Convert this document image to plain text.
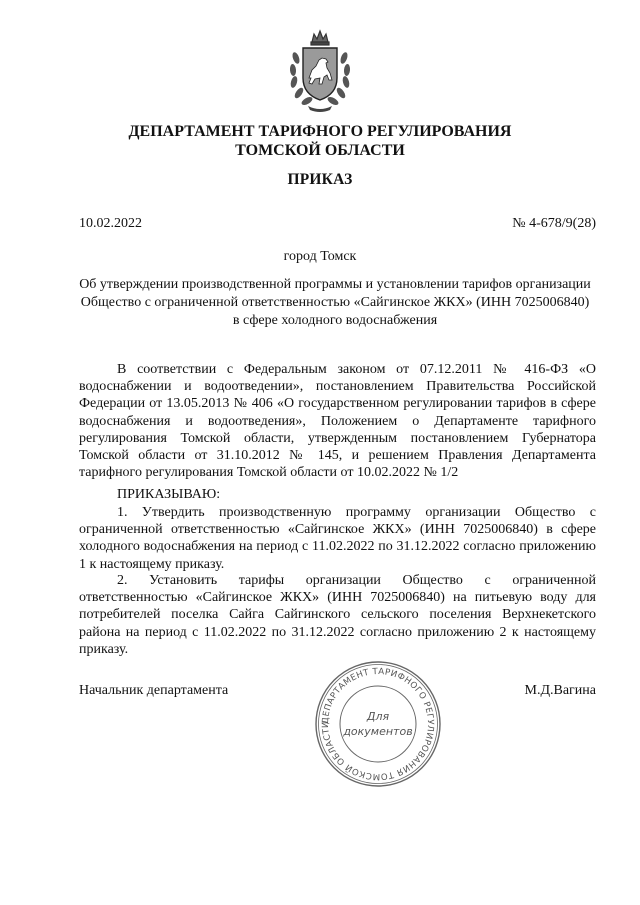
ДЕПАРТАМЕНТ ТАРИФНОГО РЕГУЛИРОВАНИЯ
ТОМСКОЙ ОБЛАСТИ
ПРИКАЗ
10.02.2022	№ 4-678/9(28)
город Томск
Об утверждении производственной программы и установлении тарифов организации
Общество с ограниченной ответственностью «Сайгинское ЖКХ» (ИНН 7025006840)
в сфере холодного водоснабжения

В соответствии с Федеральным законом от 07.12.2011 № 416-ФЗ «О водоснабжении и водоотведении», постановлением Правительства Российской Федерации от 13.05.2013 № 406 «О государственном регулировании тарифов в сфере водоснабжения и водоотведения», Положением о Департаменте тарифного регулирования Томской области, утвержденным постановлением Губернатора Томской области от 31.10.2012 № 145, и решением Правления Департамента тарифного регулирования Томской области от 10.02.2022 № 1/2

ПРИКАЗЫВАЮ:

1. Утвердить производственную программу организации Общество с ограниченной ответственностью «Сайгинское ЖКХ» (ИНН 7025006840) в сфере холодного водоснабжения на период с 11.02.2022 по 31.12.2022 согласно приложению 1 к настоящему приказу.

2. Установить тарифы организации Общество с ограниченной ответственностью «Сайгинское ЖКХ» (ИНН 7025006840) на питьевую воду для потребителей поселка Сайга Сайгинского сельского поселения Верхнекетского района на период с 11.02.2022 по 31.12.2022 согласно приложению 2 к настоящему приказу.

Начальник департамента	М.Д.Вагина
ДЕПАРТАМЕНТ ТАРИФНОГО РЕГУЛИРОВАНИЯ ТОМСКОЙ ОБЛАСТИ
Для
документов
